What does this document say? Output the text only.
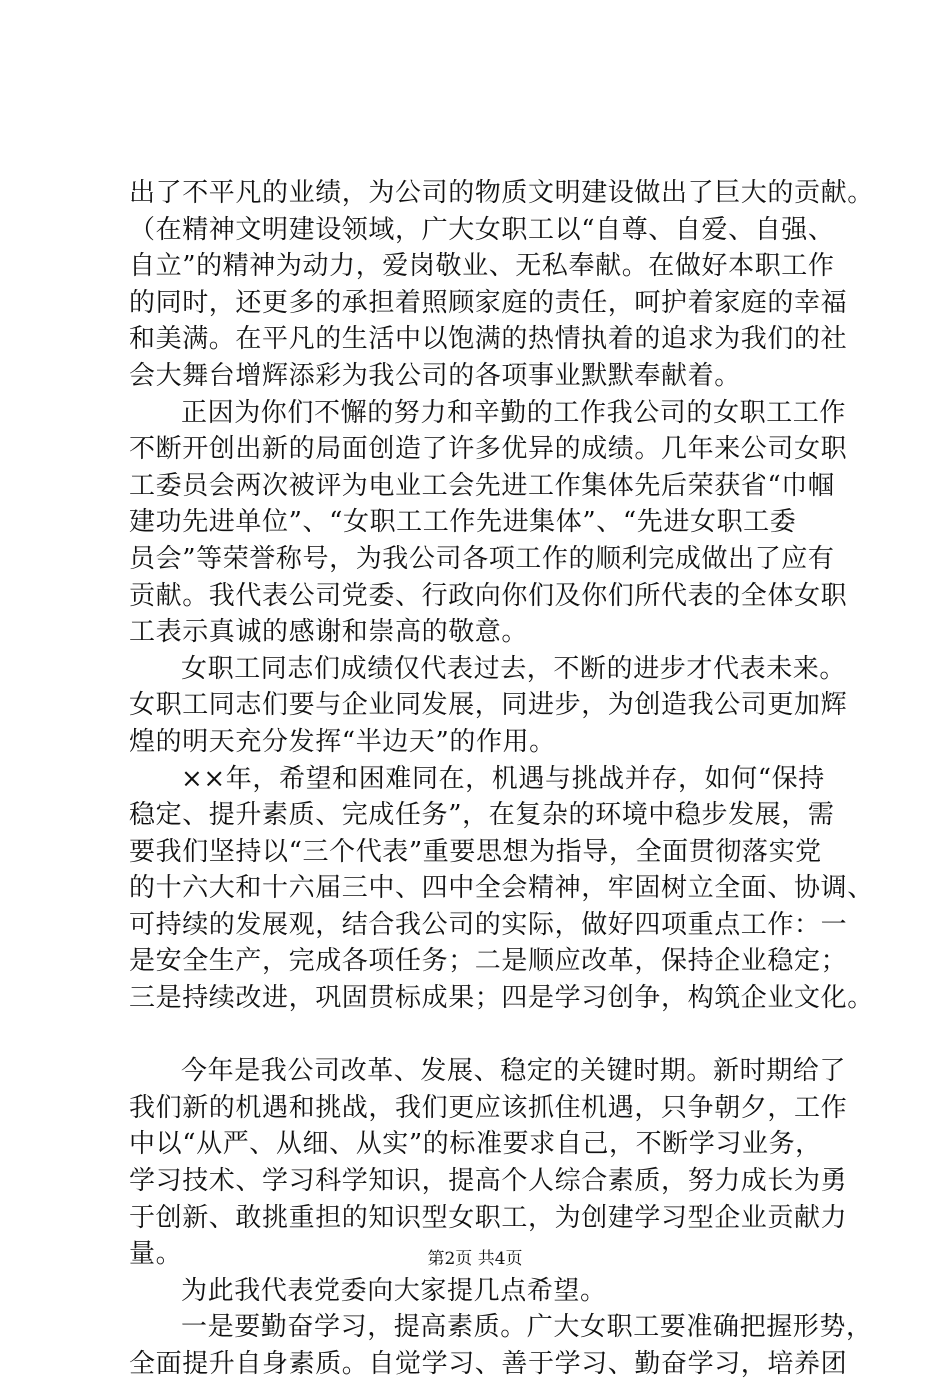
出了不平凡的业绩，为公司的物质文明建设做出了巨大的贡献。
（在精神文明建设领域，广大女职工以“自尊、自爱、自强、
自立”的精神为动力，爱岗敬业、无私奉献。在做好本职工作
的同时，还更多的承担着照顾家庭的责任，呵护着家庭的幸福
和美满。在平凡的生活中以饱满的热情执着的追求为我们的社
会大舞台增辉添彩为我公司的各项事业默默奉献着。
正因为你们不懈的努力和辛勤的工作我公司的女职工工作
不断开创出新的局面创造了许多优异的成绩。几年来公司女职
工委员会两次被评为电业工会先进工作集体先后荣获省“巾帼
建功先进单位”、“女职工工作先进集体”、“先进女职工委
员会”等荣誉称号，为我公司各项工作的顺利完成做出了应有
贡献。我代表公司党委、行政向你们及你们所代表的全体女职
工表示真诚的感谢和崇高的敬意。
女职工同志们成绩仅代表过去，不断的进步才代表未来。
女职工同志们要与企业同发展，同进步，为创造我公司更加辉
煌的明天充分发挥“半边天”的作用。
××年，希望和困难同在，机遇与挑战并存，如何“保持
稳定、提升素质、完成任务”，在复杂的环境中稳步发展，需
要我们坚持以“三个代表”重要思想为指导，全面贯彻落实党
的十六大和十六届三中、四中全会精神，牢固树立全面、协调、
可持续的发展观，结合我公司的实际，做好四项重点工作：一
是安全生产，完成各项任务；二是顺应改革，保持企业稳定；
三是持续改进，巩固贯标成果；四是学习创争，构筑企业文化。
今年是我公司改革、发展、稳定的关键时期。新时期给了
我们新的机遇和挑战，我们更应该抓住机遇，只争朝夕，工作
中以“从严、从细、从实”的标准要求自己，不断学习业务，
学习技术、学习科学知识，提高个人综合素质，努力成长为勇
于创新、敢挑重担的知识型女职工，为创建学习型企业贡献力
量。
为此我代表党委向大家提几点希望。
一是要勤奋学习，提高素质。广大女职工要准确把握形势，
全面提升自身素质。自觉学习、善于学习、勤奋学习，培养团
第2页 共4页
